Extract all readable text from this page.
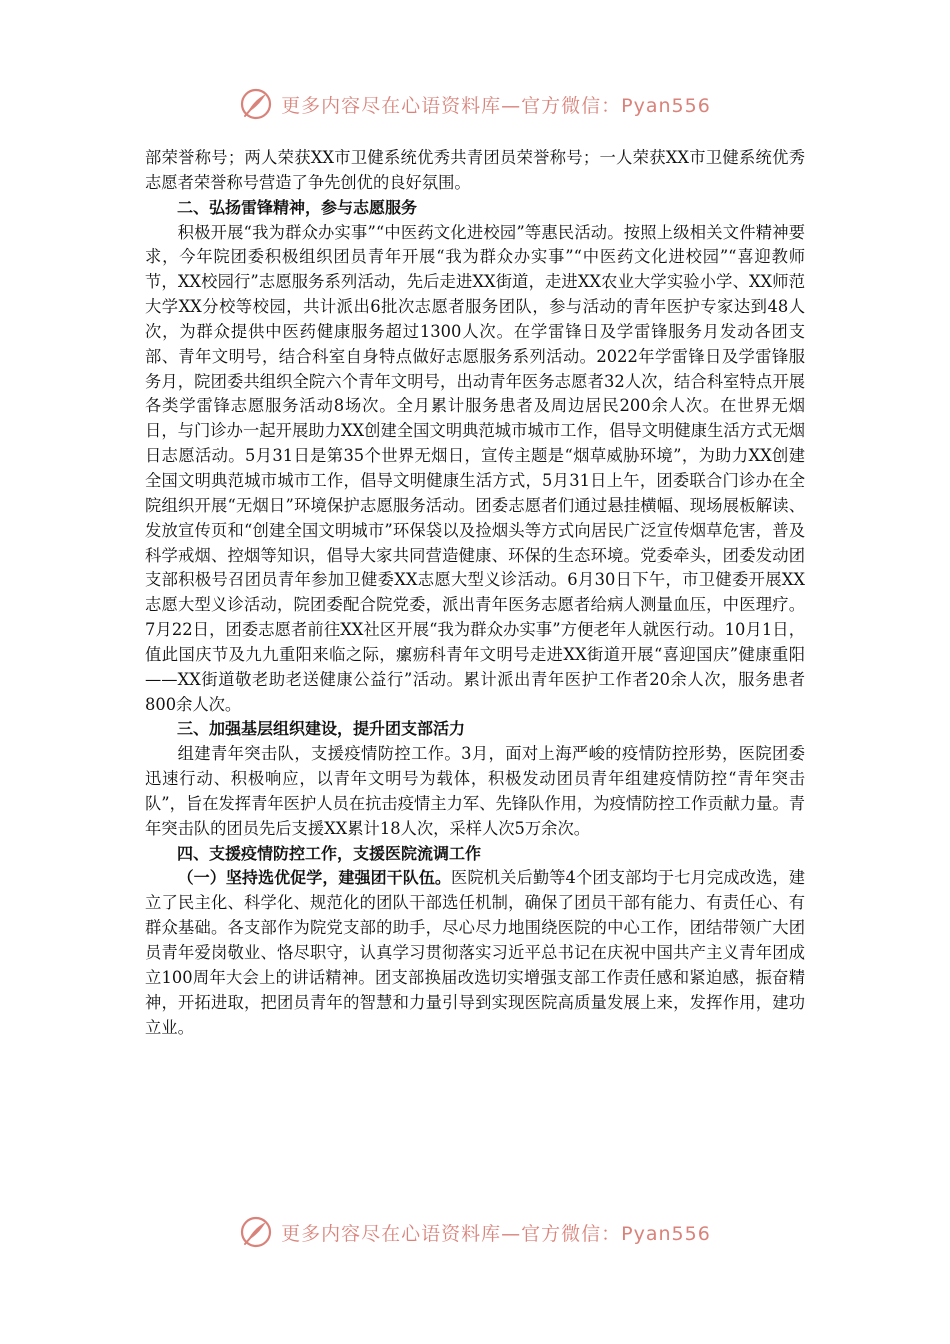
更多内容尽在心语资料库—官方微信：Pyan556

部荣誉称号；两人荣获XX市卫健系统优秀共青团员荣誉称号；一人荣获XX市卫健系统优秀志愿者荣誉称号营造了争先创优的良好氛围。

二、弘扬雷锋精神，参与志愿服务

积极开展“我为群众办实事”“中医药文化进校园”等惠民活动。按照上级相关文件精神要求，今年院团委积极组织团员青年开展“我为群众办实事”“中医药文化进校园”“喜迎教师节，XX校园行”志愿服务系列活动，先后走进XX街道，走进XX农业大学实验小学、XX师范大学XX分校等校园，共计派出6批次志愿者服务团队，参与活动的青年医护专家达到48人次，为群众提供中医药健康服务超过1300人次。在学雷锋日及学雷锋服务月发动各团支部、青年文明号，结合科室自身特点做好志愿服务系列活动。2022年学雷锋日及学雷锋服务月，院团委共组织全院六个青年文明号，出动青年医务志愿者32人次，结合科室特点开展各类学雷锋志愿服务活动8场次。全月累计服务患者及周边居民200余人次。在世界无烟日，与门诊办一起开展助力XX创建全国文明典范城市城市工作，倡导文明健康生活方式无烟日志愿活动。5月31日是第35个世界无烟日，宣传主题是“烟草威胁环境”，为助力XX创建全国文明典范城市城市工作，倡导文明健康生活方式，5月31日上午，团委联合门诊办在全院组织开展“无烟日”环境保护志愿服务活动。团委志愿者们通过悬挂横幅、现场展板解读、发放宣传页和“创建全国文明城市”环保袋以及捡烟头等方式向居民广泛宣传烟草危害，普及科学戒烟、控烟等知识，倡导大家共同营造健康、环保的生态环境。党委牵头，团委发动团支部积极号召团员青年参加卫健委XX志愿大型义诊活动。6月30日下午，市卫健委开展XX志愿大型义诊活动，院团委配合院党委，派出青年医务志愿者给病人测量血压，中医理疗。7月22日，团委志愿者前往XX社区开展“我为群众办实事”方便老年人就医行动。10月1日，值此国庆节及九九重阳来临之际，瘰疬科青年文明号走进XX街道开展“喜迎国庆”健康重阳——XX街道敬老助老送健康公益行”活动。累计派出青年医护工作者20余人次，服务患者800余人次。

三、加强基层组织建设，提升团支部活力

组建青年突击队，支援疫情防控工作。3月，面对上海严峻的疫情防控形势，医院团委迅速行动、积极响应，以青年文明号为载体，积极发动团员青年组建疫情防控“青年突击队”，旨在发挥青年医护人员在抗击疫情主力军、先锋队作用，为疫情防控工作贡献力量。青年突击队的团员先后支援XX累计18人次，采样人次5万余次。

四、支援疫情防控工作，支援医院流调工作

（一）坚持选优促学，建强团干队伍。医院机关后勤等4个团支部均于七月完成改选，建立了民主化、科学化、规范化的团队干部选任机制，确保了团员干部有能力、有责任心、有群众基础。各支部作为院党支部的助手，尽心尽力地围绕医院的中心工作，团结带领广大团员青年爱岗敬业、恪尽职守，认真学习贯彻落实习近平总书记在庆祝中国共产主义青年团成立100周年大会上的讲话精神。团支部换届改选切实增强支部工作责任感和紧迫感，振奋精神，开拓进取，把团员青年的智慧和力量引导到实现医院高质量发展上来，发挥作用，建功立业。

更多内容尽在心语资料库—官方微信：Pyan556
